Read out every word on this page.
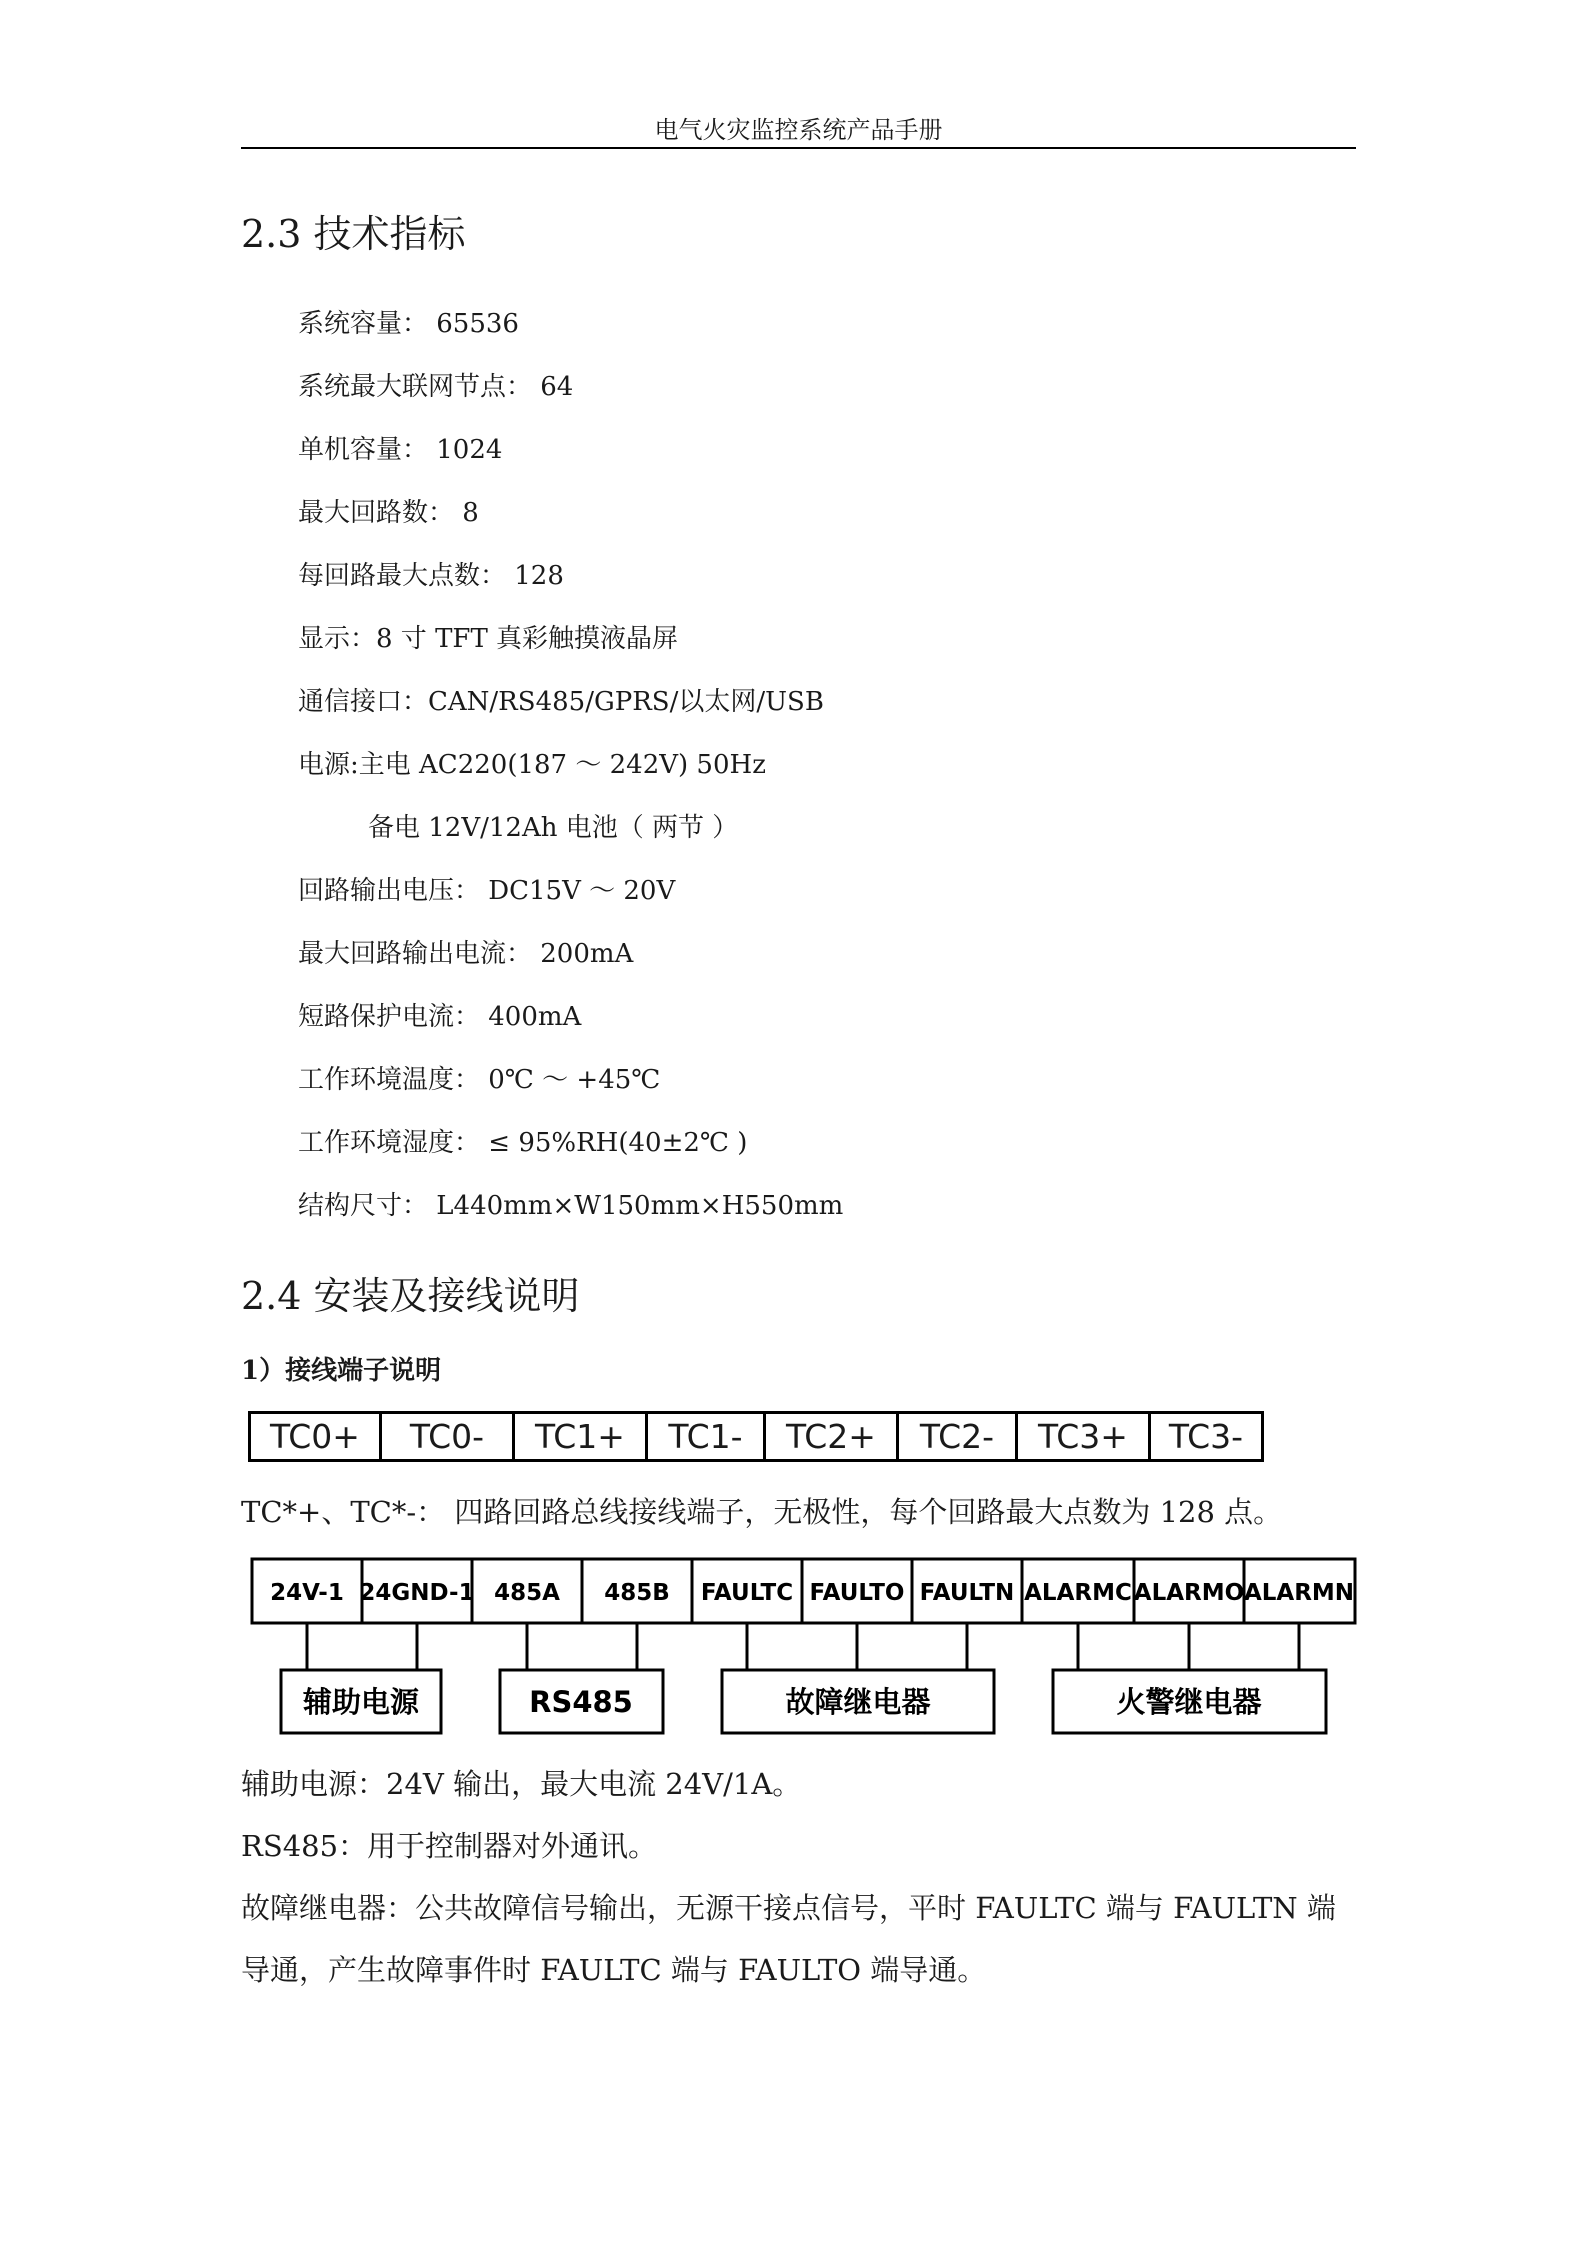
电气火灾监控系统产品手册
2.3 技术指标
系统容量： 65536
系统最大联网节点： 64
单机容量： 1024
最大回路数： 8
每回路最大点数： 128
显示：8 寸 TFT 真彩触摸液晶屏
通信接口：CAN/RS485/GPRS/以太网/USB
电源:主电 AC220(187 ～ 242V) 50Hz
备电 12V/12Ah 电池（ 两节 ）
回路输出电压： DC15V ～ 20V
最大回路输出电流： 200mA
短路保护电流： 400mA
工作环境温度： 0℃ ～ +45℃
工作环境湿度： ≤ 95%RH(40±2℃ )
结构尺寸： L440mm×W150mm×H550mm
2.4 安装及接线说明
1）接线端子说明
TC0+	TC0-	TC1+	TC1-	TC2+	TC2-	TC3+	TC3-
TC*+、TC*-： 四路回路总线接线端子，无极性，每个回路最大点数为 128 点。
24V-1 24GND-1 485A 485B FAULTC FAULTO FAULTN ALARMC ALARMO ALARMN
辅助电源	RS485	故障继电器	火警继电器
辅助电源：24V 输出，最大电流 24V/1A。
RS485：用于控制器对外通讯。
故障继电器：公共故障信号输出，无源干接点信号，平时 FAULTC 端与 FAULTN 端
导通，产生故障事件时 FAULTC 端与 FAULTO 端导通。
